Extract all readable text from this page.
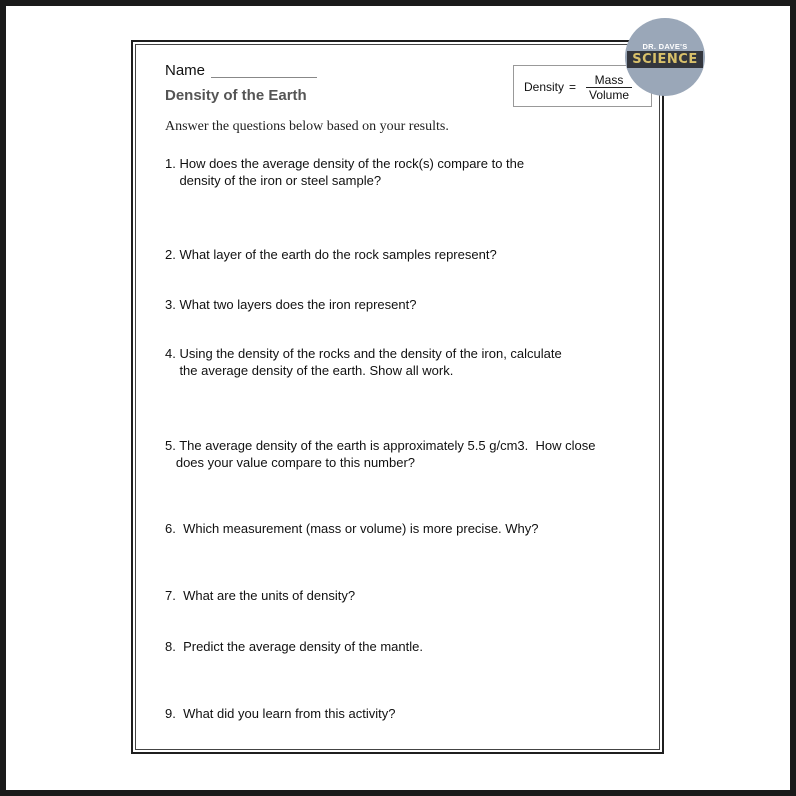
Name
Density of the Earth	Density =	Mass
Volume
DR. DAVE'S
SCIENCE
Answer the questions below based on your results.
1. How does the average density of the rock(s) compare to the
density of the iron or steel sample?
2. What layer of the earth do the rock samples represent?
3. What two layers does the iron represent?
4. Using the density of the rocks and the density of the iron, calculate
the average density of the earth. Show all work.
5. The average density of the earth is approximately 5.5 g/cm3.  How close
does your value compare to this number?
6.  Which measurement (mass or volume) is more precise. Why?
7.  What are the units of density?
8.  Predict the average density of the mantle.
9.  What did you learn from this activity?
